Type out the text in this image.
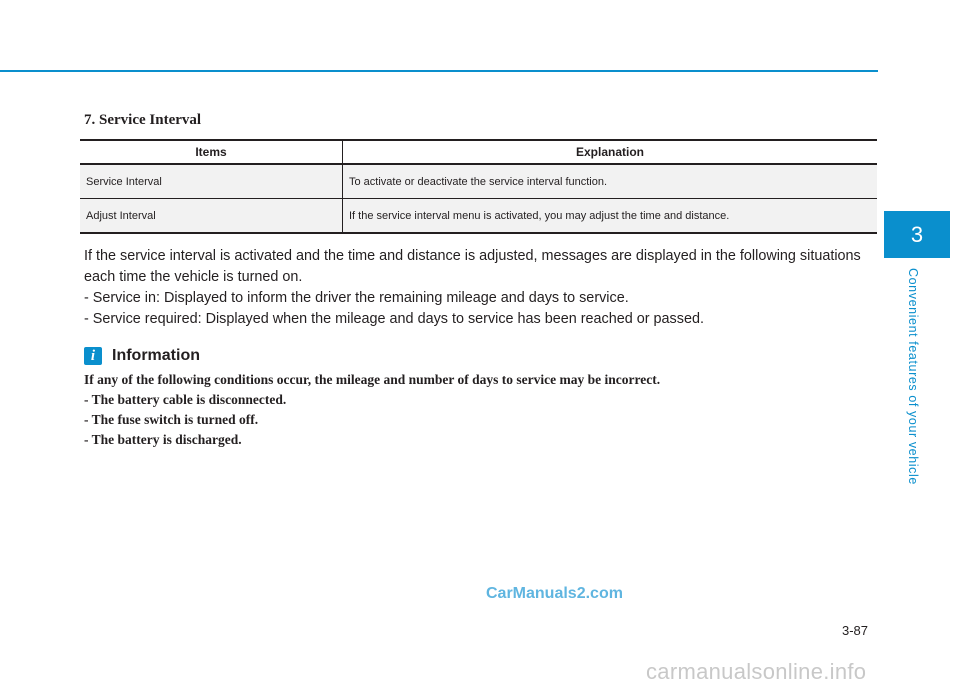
7. Service Interval
Items	Explanation
Service Interval	To activate or deactivate the service interval function.
Adjust Interval	If the service interval menu is activated, you may adjust the time and distance.

If the service interval is activated and the time and distance is adjusted, messages are displayed in the following situations each time the vehicle is turned on.

- Service in: Displayed to inform the driver the remaining mileage and days to service.

- Service required: Displayed when the mileage and days to service has been reached or passed.

i	Information

If any of the following conditions occur, the mileage and number of days to service may be incorrect.

- The battery cable is disconnected.

- The fuse switch is turned off.

- The battery is discharged.

3
Convenient features of your vehicle
3-87
CarManuals2.com
carmanualsonline.info
